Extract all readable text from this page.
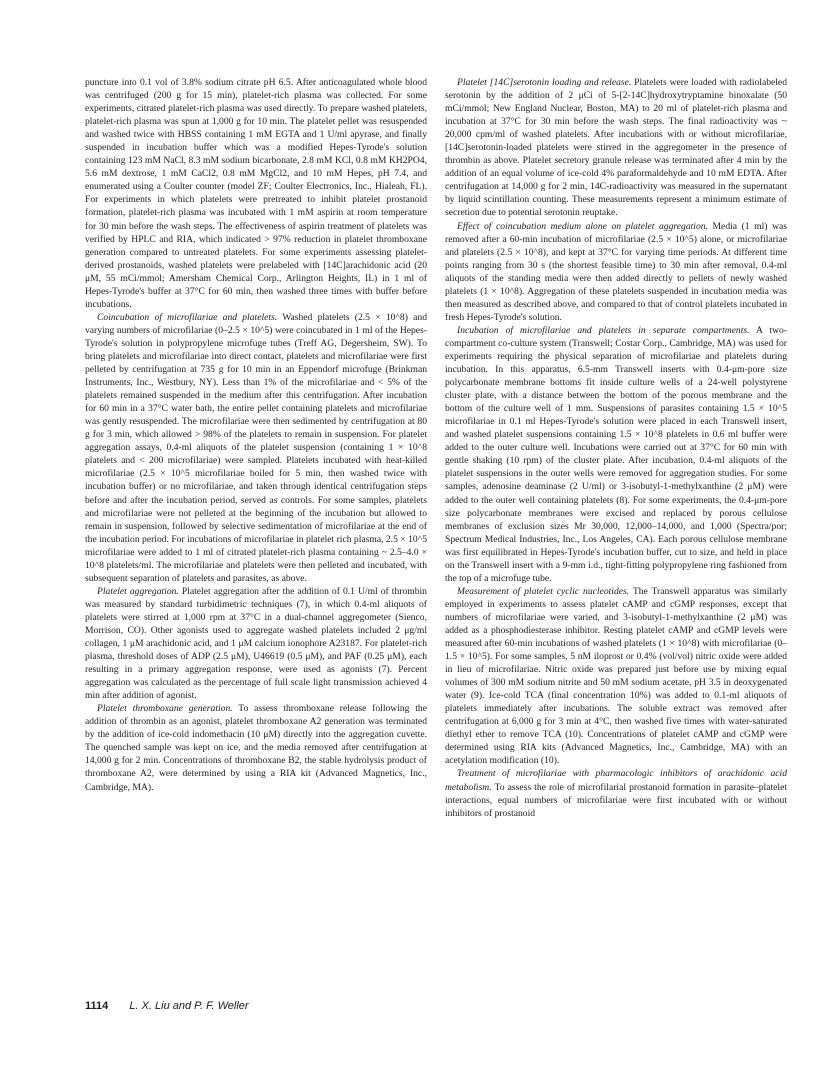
puncture into 0.1 vol of 3.8% sodium citrate pH 6.5. After anticoagulated whole blood was centrifuged (200 g for 15 min), platelet-rich plasma was collected. For some experiments, citrated platelet-rich plasma was used directly. To prepare washed platelets, platelet-rich plasma was spun at 1,000 g for 10 min. The platelet pellet was resuspended and washed twice with HBSS containing 1 mM EGTA and 1 U/ml apyrase, and finally suspended in incubation buffer which was a modified Hepes-Tyrode's solution containing 123 mM NaCl, 8.3 mM sodium bicarbonate, 2.8 mM KCl, 0.8 mM KH2PO4, 5.6 mM dextrose, 1 mM CaCl2, 0.8 mM MgCl2, and 10 mM Hepes, pH 7.4, and enumerated using a Coulter counter (model ZF; Coulter Electronics, Inc., Hialeah, FL). For experiments in which platelets were pretreated to inhibit platelet prostanoid formation, platelet-rich plasma was incubated with 1 mM aspirin at room temperature for 30 min before the wash steps. The effectiveness of aspirin treatment of platelets was verified by HPLC and RIA, which indicated > 97% reduction in platelet thromboxane generation compared to untreated platelets. For some experiments assessing platelet-derived prostanoids, washed platelets were prelabeled with [14C]arachidonic acid (20 μM, 55 mCi/mmol; Amersham Chemical Corp., Arlington Heights, IL) in 1 ml of Hepes-Tyrode's buffer at 37°C for 60 min, then washed three times with buffer before incubations.

Coincubation of microfilariae and platelets. Washed platelets (2.5 × 10^8) and varying numbers of microfilariae (0–2.5 × 10^5) were coincubated in 1 ml of the Hepes-Tyrode's solution in polypropylene microfuge tubes (Treff AG, Degersheim, SW). To bring platelets and microfilariae into direct contact, platelets and microfilariae were first pelleted by centrifugation at 735 g for 10 min in an Eppendorf microfuge (Brinkman Instruments, Inc., Westbury, NY). Less than 1% of the microfilariae and < 5% of the platelets remained suspended in the medium after this centrifugation. After incubation for 60 min in a 37°C water bath, the entire pellet containing platelets and microfilariae was gently resuspended. The microfilariae were then sedimented by centrifugation at 80 g for 3 min, which allowed > 98% of the platelets to remain in suspension. For platelet aggregation assays, 0.4-ml aliquots of the platelet suspension (containing 1 × 10^8 platelets and < 200 microfilariae) were sampled. Platelets incubated with heat-killed microfilariae (2.5 × 10^5 microfilariae boiled for 5 min, then washed twice with incubation buffer) or no microfilariae, and taken through identical centrifugation steps before and after the incubation period, served as controls. For some samples, platelets and microfilariae were not pelleted at the beginning of the incubation but allowed to remain in suspension, followed by selective sedimentation of microfilariae at the end of the incubation period. For incubations of microfilariae in platelet rich plasma, 2.5 × 10^5 microfilariae were added to 1 ml of citrated platelet-rich plasma containing ~ 2.5–4.0 × 10^8 platelets/ml. The microfilariae and platelets were then pelleted and incubated, with subsequent separation of platelets and parasites, as above.

Platelet aggregation. Platelet aggregation after the addition of 0.1 U/ml of thrombin was measured by standard turbidimetric techniques (7), in which 0.4-ml aliquots of platelets were stirred at 1,000 rpm at 37°C in a dual-channel aggregometer (Sienco, Morrison, CO). Other agonists used to aggregate washed platelets included 2 μg/ml collagen, 1 μM arachidonic acid, and 1 μM calcium ionophore A23187. For platelet-rich plasma, threshold doses of ADP (2.5 μM), U46619 (0.5 μM), and PAF (0.25 μM), each resulting in a primary aggregation response, were used as agonists (7). Percent aggregation was calculated as the percentage of full scale light transmission achieved 4 min after addition of agonist.

Platelet thromboxane generation. To assess thromboxane release following the addition of thrombin as an agonist, platelet thromboxane A2 generation was terminated by the addition of ice-cold indomethacin (10 μM) directly into the aggregation cuvette. The quenched sample was kept on ice, and the media removed after centrifugation at 14,000 g for 2 min. Concentrations of thromboxane B2, the stable hydrolysis product of thromboxane A2, were determined by using a RIA kit (Advanced Magnetics, Inc., Cambridge, MA).

Platelet [14C]serotonin loading and release. Platelets were loaded with radiolabeled serotonin by the addition of 2 μCi of 5-[2-14C]hydroxytryptamine binoxalate (50 mCi/mmol; New England Nuclear, Boston, MA) to 20 ml of platelet-rich plasma and incubation at 37°C for 30 min before the wash steps. The final radioactivity was ~ 20,000 cpm/ml of washed platelets. After incubations with or without microfilariae, [14C]serotonin-loaded platelets were stirred in the aggregometer in the presence of thrombin as above. Platelet secretory granule release was terminated after 4 min by the addition of an equal volume of ice-cold 4% paraformaldehyde and 10 mM EDTA. After centrifugation at 14,000 g for 2 min, 14C-radioactivity was measured in the supernatant by liquid scintillation counting. These measurements represent a minimum estimate of secretion due to potential serotonin reuptake.

Effect of coincubation medium alone on platelet aggregation. Media (1 ml) was removed after a 60-min incubation of microfilariae (2.5 × 10^5) alone, or microfilariae and platelets (2.5 × 10^8), and kept at 37°C for varying time periods. At different time points ranging from 30 s (the shortest feasible time) to 30 min after removal, 0.4-ml aliquots of the standing media were then added directly to pellets of newly washed platelets (1 × 10^8). Aggregation of these platelets suspended in incubation media was then measured as described above, and compared to that of control platelets incubated in fresh Hepes-Tyrode's solution.

Incubation of microfilariae and platelets in separate compartments. A two-compartment co-culture system (Transwell; Costar Corp., Cambridge, MA) was used for experiments requiring the physical separation of microfilariae and platelets during incubation. In this apparatus, 6.5-mm Transwell inserts with 0.4-μm-pore size polycarbonate membrane bottoms fit inside culture wells of a 24-well polystyrene cluster plate, with a distance between the bottom of the porous membrane and the bottom of the culture well of 1 mm. Suspensions of parasites containing 1.5 × 10^5 microfilariae in 0.1 ml Hepes-Tyrode's solution were placed in each Transwell insert, and washed platelet suspensions containing 1.5 × 10^8 platelets in 0.6 ml buffer were added to the outer culture well. Incubations were carried out at 37°C for 60 min with gentle shaking (10 rpm) of the cluster plate. After incubation, 0.4-ml aliquots of the platelet suspensions in the outer wells were removed for aggregation studies. For some samples, adenosine deaminase (2 U/ml) or 3-isobutyl-1-methylxanthine (2 μM) were added to the outer well containing platelets (8). For some experiments, the 0.4-μm-pore size polycarbonate membranes were excised and replaced by porous cellulose membranes of exclusion sizes Mr 30,000, 12,000–14,000, and 1,000 (Spectra/por; Spectrum Medical Industries, Inc., Los Angeles, CA). Each porous cellulose membrane was first equilibrated in Hepes-Tyrode's incubation buffer, cut to size, and held in place on the Transwell insert with a 9-mm i.d., tight-fitting polypropylene ring fashioned from the top of a microfuge tube.

Measurement of platelet cyclic nucleotides. The Transwell apparatus was similarly employed in experiments to assess platelet cAMP and cGMP responses, except that numbers of microfilariae were varied, and 3-isobutyl-1-methylxanthine (2 μM) was added as a phosphodiesterase inhibitor. Resting platelet cAMP and cGMP levels were measured after 60-min incubations of washed platelets (1 × 10^8) with microfilariae (0–1.5 × 10^5). For some samples, 5 nM iloprost or 0.4% (vol/vol) nitric oxide were added in lieu of microfilariae. Nitric oxide was prepared just before use by mixing equal volumes of 300 mM sodium nitrite and 50 mM sodium acetate, pH 3.5 in deoxygenated water (9). Ice-cold TCA (final concentration 10%) was added to 0.1-ml aliquots of platelets immediately after incubations. The soluble extract was removed after centrifugation at 6,000 g for 3 min at 4°C, then washed five times with water-saturated diethyl ether to remove TCA (10). Concentrations of platelet cAMP and cGMP were determined using RIA kits (Advanced Magnetics, Inc., Cambridge, MA) with an acetylation modification (10).

Treatment of microfilariae with pharmacologic inhibitors of arachidonic acid metabolism. To assess the role of microfilarial prostanoid formation in parasite–platelet interactions, equal numbers of microfilariae were first incubated with or without inhibitors of prostanoid

1114 L. X. Liu and P. F. Weller
